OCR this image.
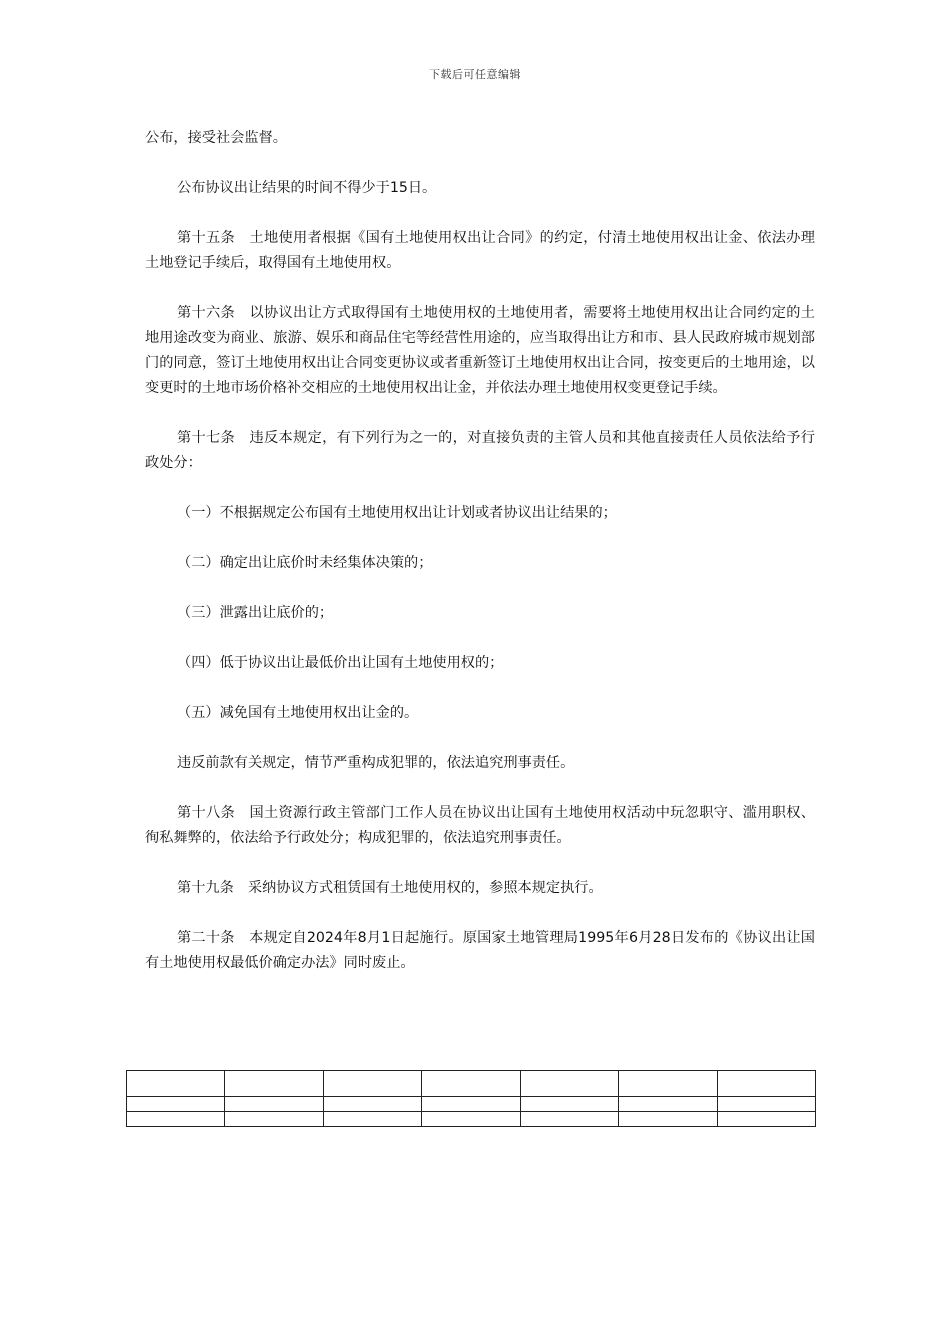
下载后可任意编辑

公布，接受社会监督。

公布协议出让结果的时间不得少于15日。

第十五条　土地使用者根据《国有土地使用权出让合同》的约定，付清土地使用权出让金、依法办理土地登记手续后，取得国有土地使用权。

第十六条　以协议出让方式取得国有土地使用权的土地使用者，需要将土地使用权出让合同约定的土地用途改变为商业、旅游、娱乐和商品住宅等经营性用途的，应当取得出让方和市、县人民政府城市规划部门的同意，签订土地使用权出让合同变更协议或者重新签订土地使用权出让合同，按变更后的土地用途，以变更时的土地市场价格补交相应的土地使用权出让金，并依法办理土地使用权变更登记手续。

第十七条　违反本规定，有下列行为之一的，对直接负责的主管人员和其他直接责任人员依法给予行政处分：

（一）不根据规定公布国有土地使用权出让计划或者协议出让结果的；

（二）确定出让底价时未经集体决策的；

（三）泄露出让底价的；

（四）低于协议出让最低价出让国有土地使用权的；

（五）减免国有土地使用权出让金的。

违反前款有关规定，情节严重构成犯罪的，依法追究刑事责任。

第十八条　国土资源行政主管部门工作人员在协议出让国有土地使用权活动中玩忽职守、滥用职权、徇私舞弊的，依法给予行政处分；构成犯罪的，依法追究刑事责任。

第十九条　采纳协议方式租赁国有土地使用权的，参照本规定执行。

第二十条　本规定自2024年8月1日起施行。原国家土地管理局1995年6月28日发布的《协议出让国有土地使用权最低价确定办法》同时废止。
